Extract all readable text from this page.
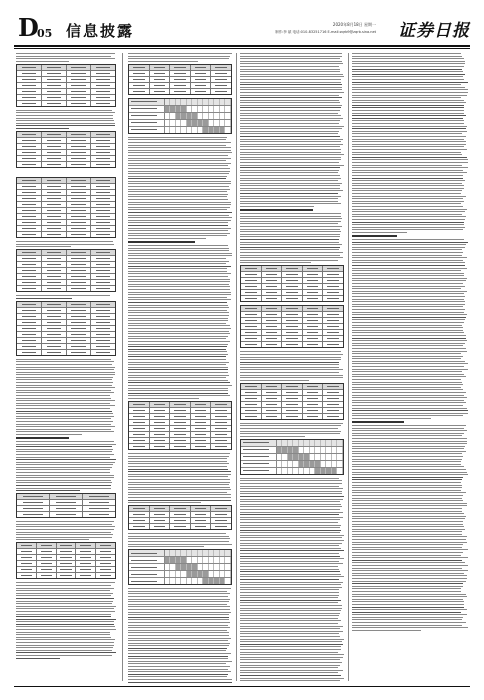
D
05 信息披露	2020年8月18日 星期一
制作:李 斌 电话:010-83251716 E-mail:zqrb9@zqrb.sina.net 证券日报
